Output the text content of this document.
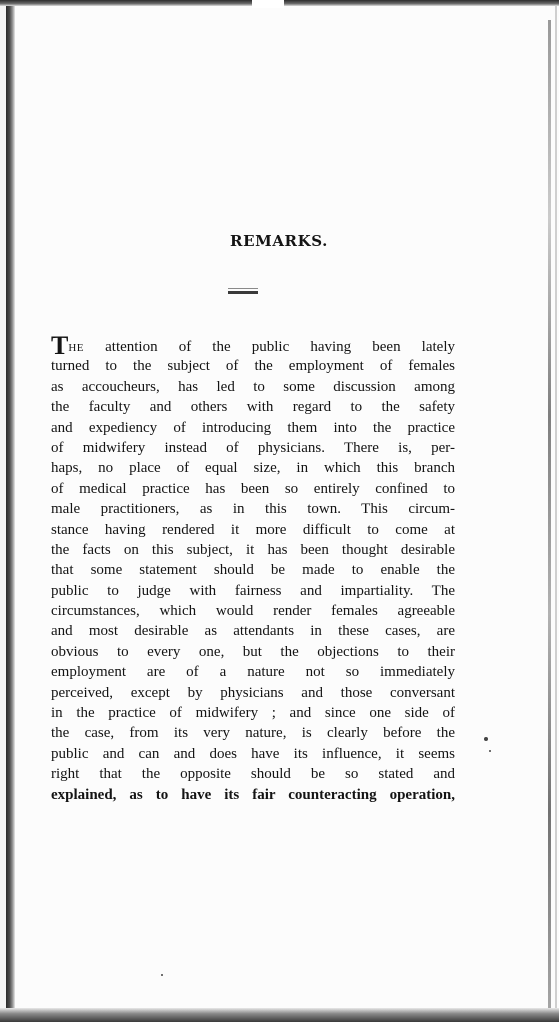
REMARKS.
THE attention of the public having been lately
turned to the subject of the employment of females
as accoucheurs, has led to some discussion among
the faculty and others with regard to the safety
and expediency of introducing them into the practice
of midwifery instead of physicians. There is, per-
haps, no place of equal size, in which this branch
of medical practice has been so entirely confined to
male practitioners, as in this town. This circum-
stance having rendered it more difficult to come at
the facts on this subject, it has been thought desirable
that some statement should be made to enable the
public to judge with fairness and impartiality. The
circumstances, which would render females agreeable
and most desirable as attendants in these cases, are
obvious to every one, but the objections to their
employment are of a nature not so immediately
perceived, except by physicians and those conversant
in the practice of midwifery ; and since one side of
the case, from its very nature, is clearly before the
public and can and does have its influence, it seems
right that the opposite should be so stated and
explained, as to have its fair counteracting operation,
